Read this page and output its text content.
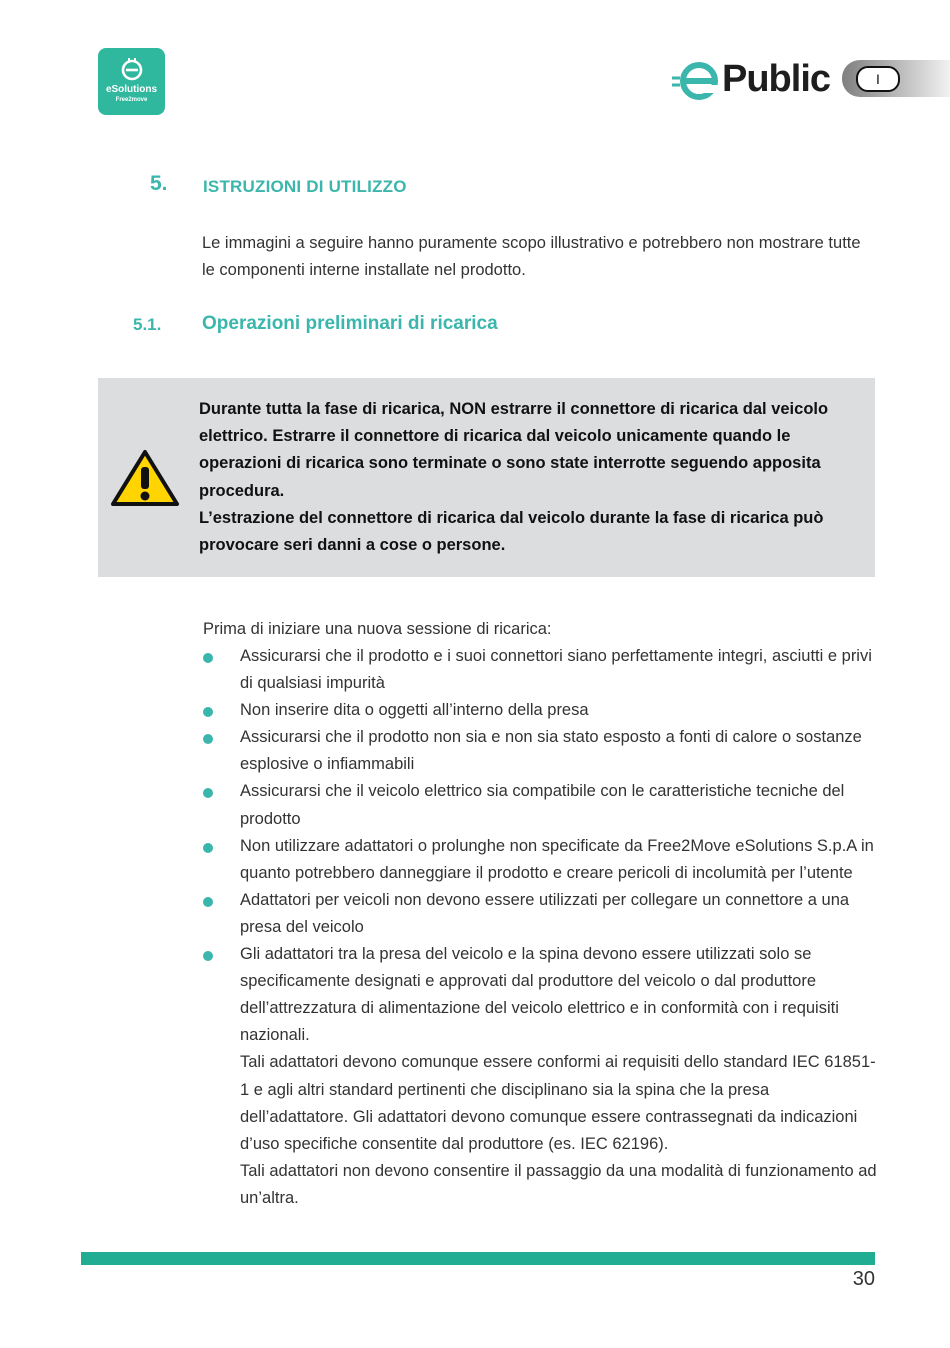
eSolutions
Free2move	Public	I
5. ISTRUZIONI DI UTILIZZO
Le immagini a seguire hanno puramente scopo illustrativo e potrebbero non mostrare tutte le componenti interne installate nel prodotto.
5.1. Operazioni preliminari di ricarica

Durante tutta la fase di ricarica, NON estrarre il connettore di ricarica dal veicolo elettrico. Estrarre il connettore di ricarica dal veicolo unicamente quando le operazioni di ricarica sono terminate o sono state interrotte seguendo apposita procedura.

L’estrazione del connettore di ricarica dal veicolo durante la fase di ricarica può provocare seri danni a cose o persone.

Prima di iniziare una nuova sessione di ricarica:
Assicurarsi che il prodotto e i suoi connettori siano perfettamente integri, asciutti e privi di qualsiasi impurità
Non inserire dita o oggetti all’interno della presa
Assicurarsi che il prodotto non sia e non sia stato esposto a fonti di calore o sostanze esplosive o infiammabili
Assicurarsi che il veicolo elettrico sia compatibile con le caratteristiche tecniche del prodotto
Non utilizzare adattatori o prolunghe non specificate da Free2Move eSolutions S.p.A in quanto potrebbero danneggiare il prodotto e creare pericoli di incolumità per l’utente
Adattatori per veicoli non devono essere utilizzati per collegare un connettore a una presa del veicolo
Gli adattatori tra la presa del veicolo e la spina devono essere utilizzati solo se specificamente designati e approvati dal produttore del veicolo o dal produttore dell’attrezzatura di alimentazione del veicolo elettrico e in conformità con i requisiti nazionali.
Tali adattatori devono comunque essere conformi ai requisiti dello standard IEC 61851-1 e agli altri standard pertinenti che disciplinano sia la spina che la presa dell’adattatore. Gli adattatori devono comunque essere contrassegnati da indicazioni d’uso specifiche consentite dal produttore (es. IEC 62196).
Tali adattatori non devono consentire il passaggio da una modalità di funzionamento ad un’altra.
30
